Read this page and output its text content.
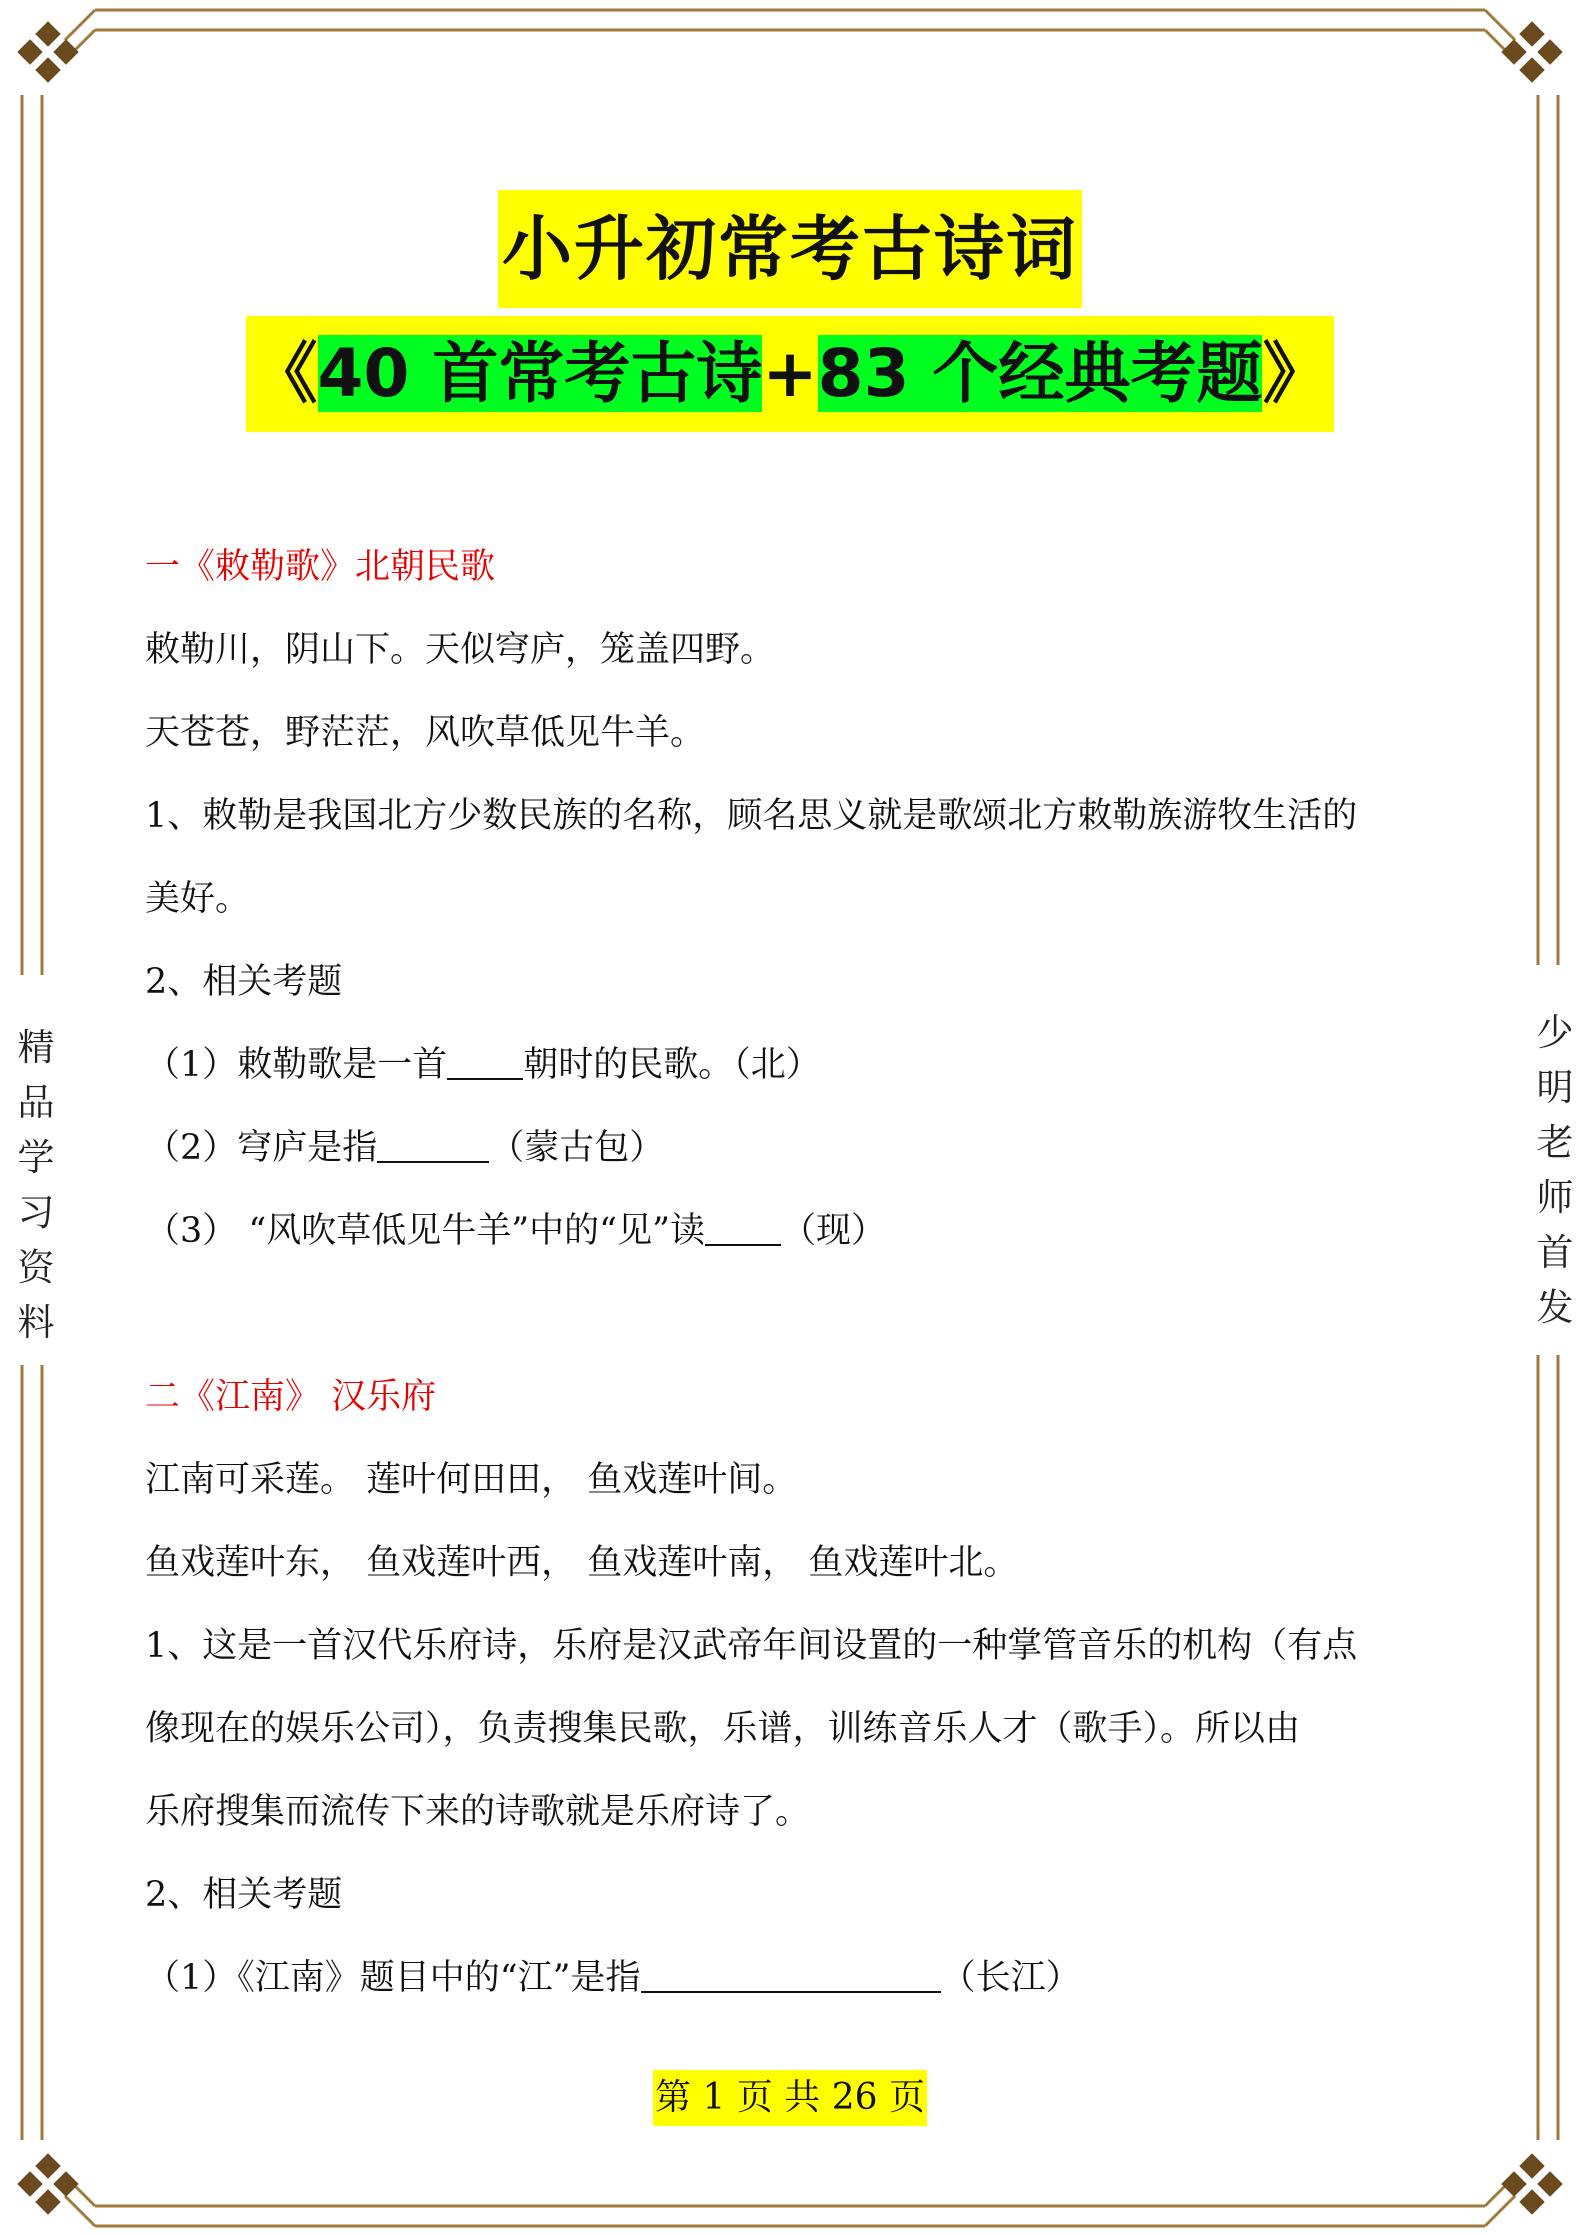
精
品
学
习
资
料
少
明
老
师
首
发
小升初常考古诗词
《40 首常考古诗+83 个经典考题》
一《敕勒歌》北朝民歌
敕勒川，阴山下。天似穹庐，笼盖四野。
天苍苍，野茫茫，风吹草低见牛羊。
1、敕勒是我国北方少数民族的名称，顾名思义就是歌颂北方敕勒族游牧生活的
美好。
2、相关考题
（1）敕勒歌是一首 朝时的民歌。（北）
（2）穹庐是指	（蒙古包）
（3） “风吹草低见牛羊”中的“见”读 （现）
二《江南》 汉乐府
江南可采莲。 莲叶何田田， 鱼戏莲叶间。
鱼戏莲叶东， 鱼戏莲叶西， 鱼戏莲叶南， 鱼戏莲叶北。
1、这是一首汉代乐府诗，乐府是汉武帝年间设置的一种掌管音乐的机构（有点
像现在的娱乐公司），负责搜集民歌，乐谱，训练音乐人才（歌手）。所以由
乐府搜集而流传下来的诗歌就是乐府诗了。
2、相关考题
（1）《江南》题目中的“江”是指	（长江）
第 1 页 共 26 页
